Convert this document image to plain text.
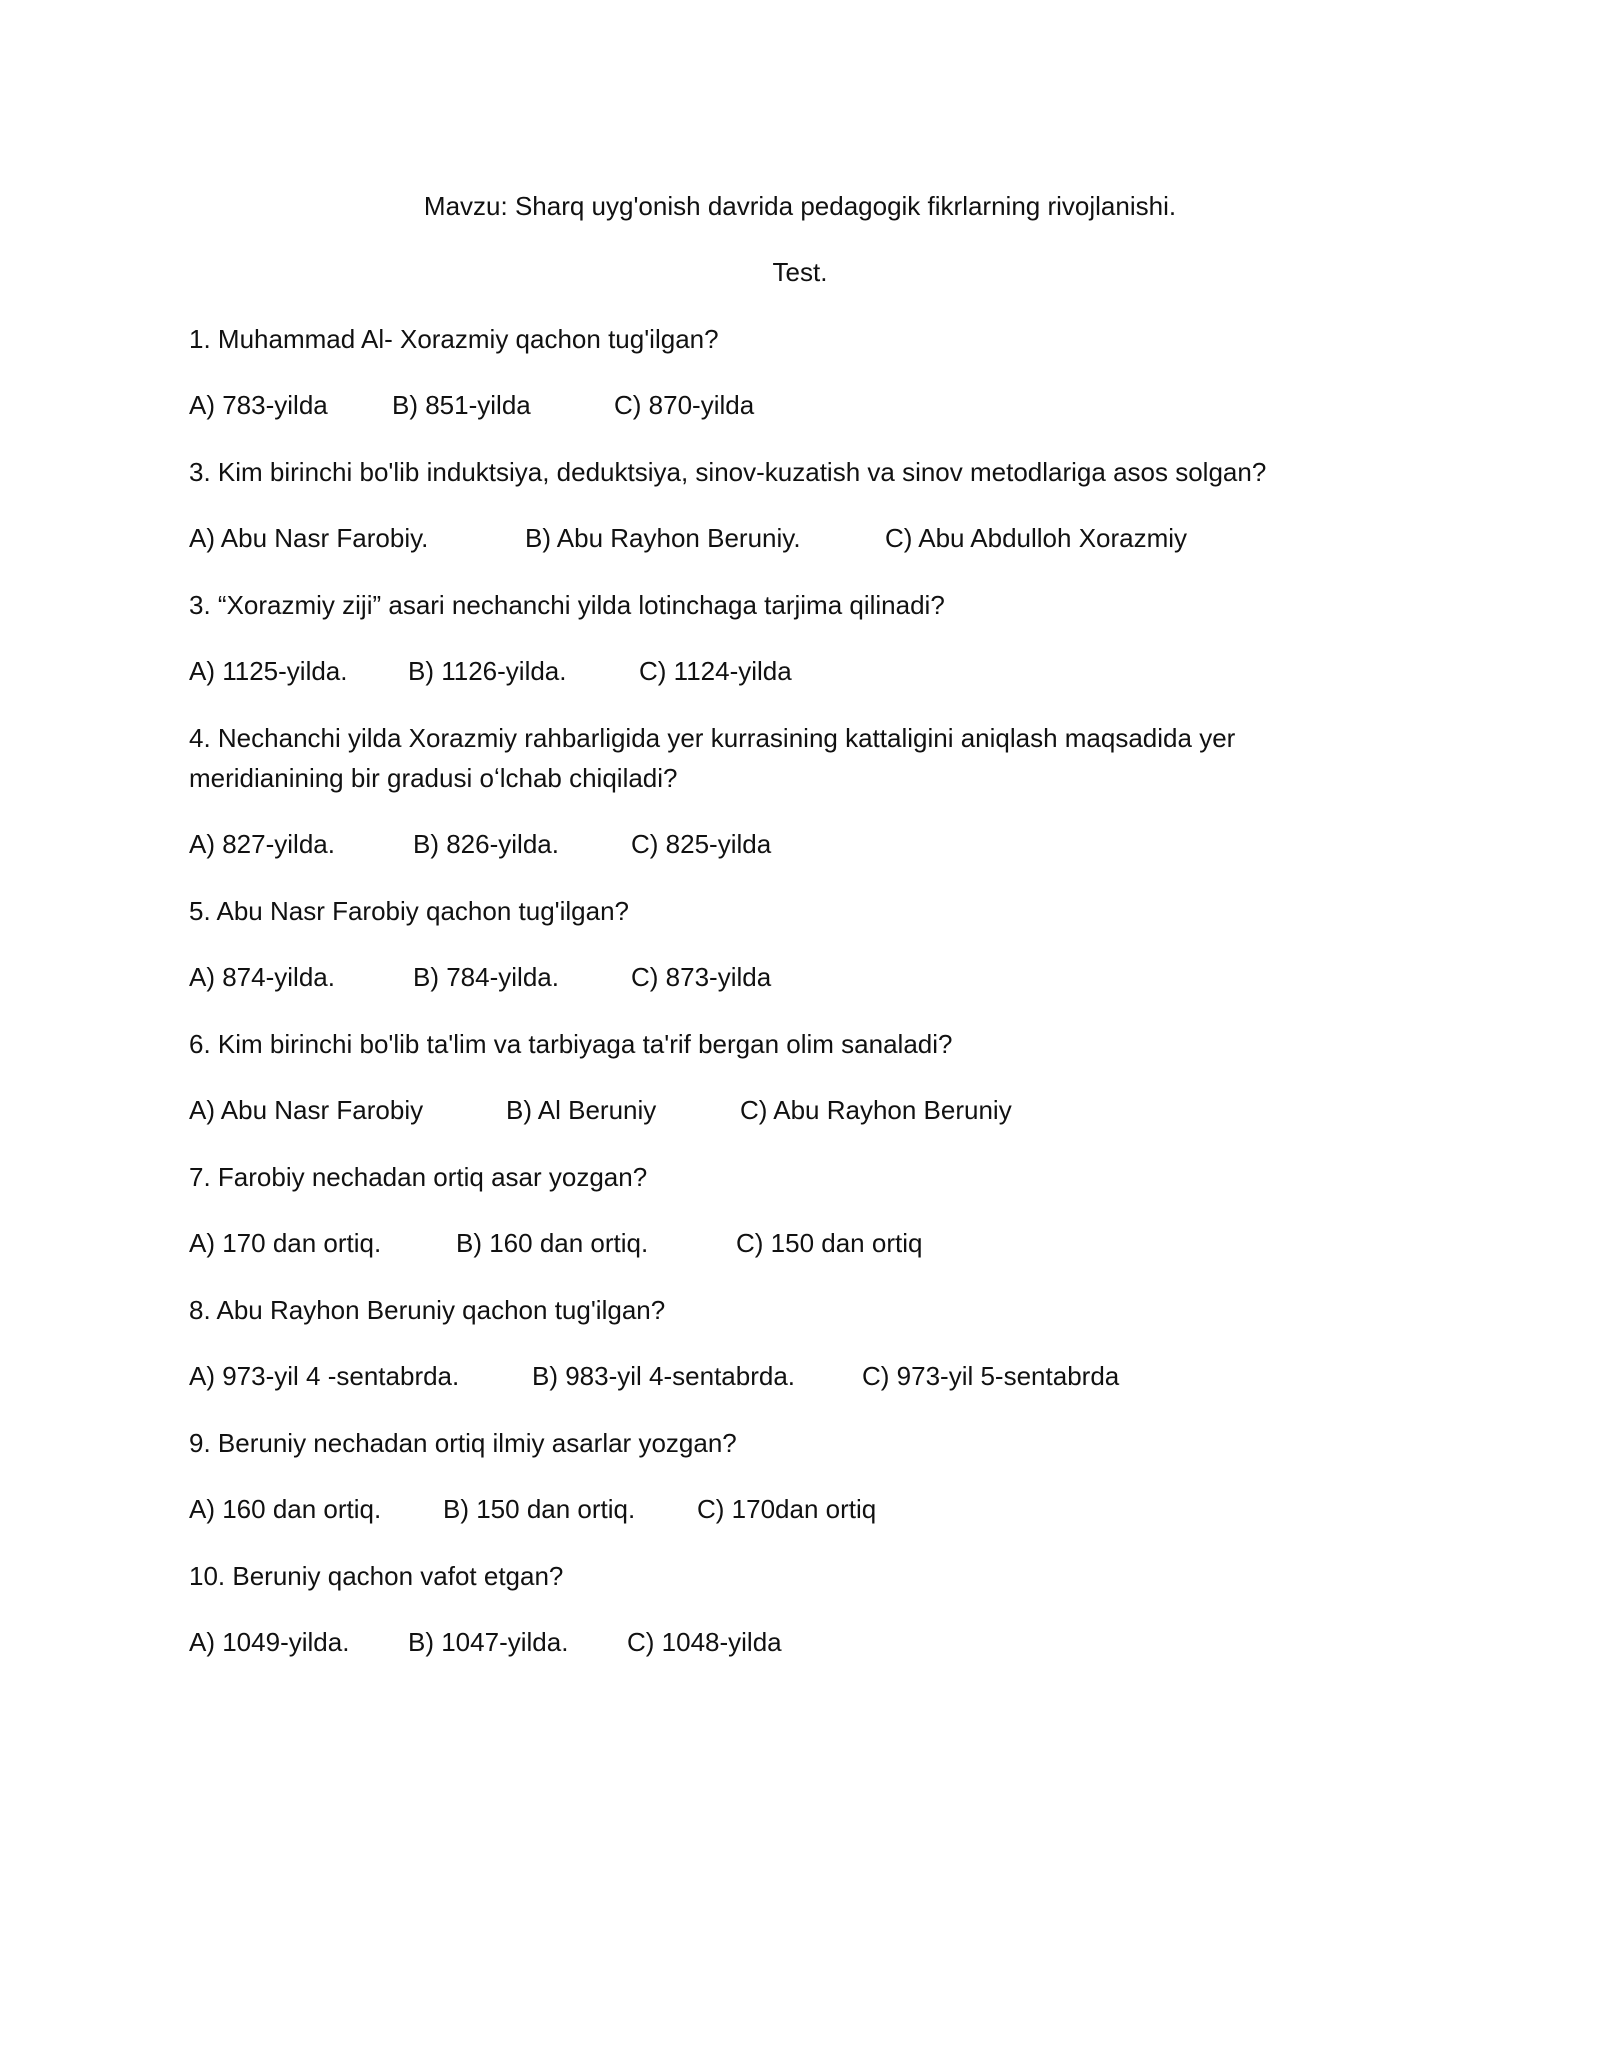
Mavzu: Sharq uyg'onish davrida pedagogik fikrlarning rivojlanishi.
Test.
1. Muhammad Al- Xorazmiy qachon tug'ilgan?
A) 783-yilda B) 851-yilda	C) 870-yilda
3. Kim birinchi bo'lib induktsiya, deduktsiya, sinov-kuzatish va sinov metodlariga asos solgan?
A) Abu Nasr Farobiy.	B) Abu Rayhon Beruniy.	C) Abu Abdulloh Xorazmiy
3. “Xorazmiy ziji” asari nechanchi yilda lotinchaga tarjima qilinadi?
A) 1125-yilda. B) 1126-yilda.	C) 1124-yilda
4. Nechanchi yilda Xorazmiy rahbarligida yer kurrasining kattaligini aniqlash maqsadida yer meridianining bir gradusi oʻlchab chiqiladi?
A) 827-yilda.	B) 826-yilda.	C) 825-yilda
5. Abu Nasr Farobiy qachon tug'ilgan?
A) 874-yilda.	B) 784-yilda.	C) 873-yilda
6. Kim birinchi bo'lib ta'lim va tarbiyaga ta'rif bergan olim sanaladi?
A) Abu Nasr Farobiy	B) Al Beruniy	C) Abu Rayhon Beruniy
7. Farobiy nechadan ortiq asar yozgan?
A) 170 dan ortiq.	B) 160 dan ortiq.	C) 150 dan ortiq
8. Abu Rayhon Beruniy qachon tug'ilgan?
A) 973-yil 4 -sentabrda.	B) 983-yil 4-sentabrda.	C) 973-yil 5-sentabrda
9. Beruniy nechadan ortiq ilmiy asarlar yozgan?
A) 160 dan ortiq. B) 150 dan ortiq. C) 170dan ortiq
10. Beruniy qachon vafot etgan?
A) 1049-yilda. B) 1047-yilda. C) 1048-yilda
